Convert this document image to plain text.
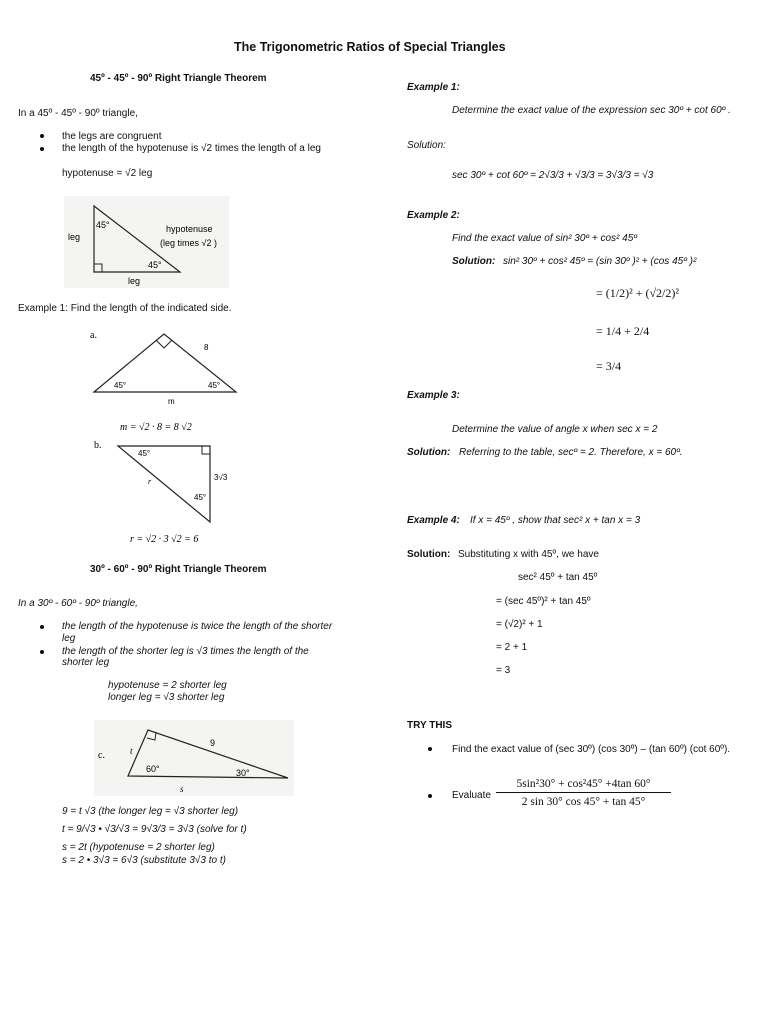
The Trigonometric Ratios of Special Triangles
45º - 45º - 90º Right Triangle Theorem
In a 45º - 45º - 90º triangle,
the legs are congruent
the length of the hypotenuse is √2 times the length of a leg
hypotenuse = √2 leg
leg
45°	hypotenuse
(leg times √2 )
45°
leg
Example 1: Find the length of the indicated side.
a.
8
45°	45°
m
m = √2 · 8 = 8 √2
b.
45°
3√3
r
45°
r = √2 · 3 √2 = 6
30º - 60º - 90º Right Triangle Theorem
In a 30º - 60º - 90º triangle,
the length of the hypotenuse is twice the length of the shorter
leg
the length of the shorter leg is √3 times the length of the
shorter leg
hypotenuse = 2 shorter leg
longer leg = √3 shorter leg
c.	t
9
60°	30°
s
9 = t √3 (the longer leg = √3 shorter leg)
t = 9/√3 • √3/√3 = 9√3/3 = 3√3 (solve for t)
s = 2t (hypotenuse = 2 shorter leg)
s = 2 • 3√3 = 6√3 (substitute 3√3 to t)
Example 1:
Determine the exact value of the expression sec 30º + cot 60º .
Solution:
sec 30º + cot 60º = 2√3/3 + √3/3 = 3√3/3 = √3
Example 2:
Find the exact value of sin² 30º + cos² 45º
Solution: sin² 30º + cos² 45º = (sin 30º )² + (cos 45º )²
= (1/2)² + (√2/2)²
= 1/4 + 2/4
= 3/4
Example 3:
Determine the value of angle x when sec x = 2
Solution: Referring to the table, secº = 2. Therefore, x = 60º.
Example 4: If x = 45º , show that sec² x + tan x = 3
Solution: Substituting x with 45º, we have
sec² 45º + tan 45º
= (sec 45º)² + tan 45º
= (√2)² + 1
= 2 + 1
= 3
TRY THIS
Find the exact value of (sec 30º) (cos 30º) – (tan 60º) (cot 60º).
Evaluate
5sin²30° + cos²45° +4tan 60°
2 sin 30° cos 45° + tan 45°
